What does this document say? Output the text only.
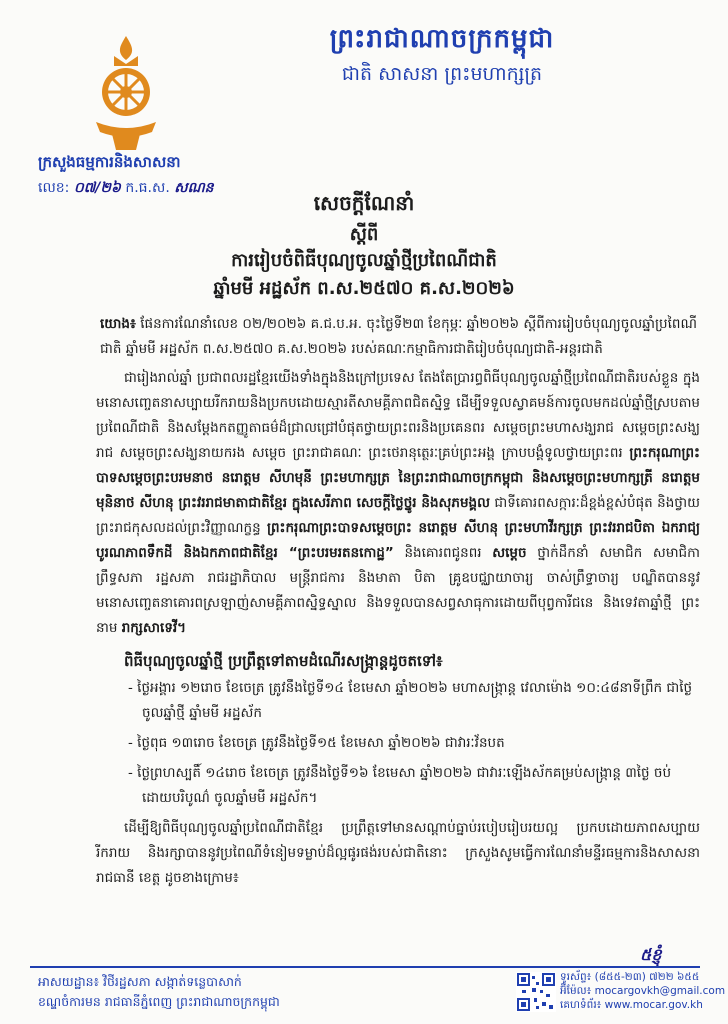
ព្រះរាជាណាចក្រកម្ពុជា
ជាតិ សាសនា ព្រះមហាក្សត្រ
ក្រសួងធម្មការនិងសាសនា
លេខ: ០៧/២៦ ក.ធ.ស. សណន
សេចក្តីណែនាំ
ស្តីពី
ការរៀបចំពិធីបុណ្យចូលឆ្នាំថ្មីប្រពៃណីជាតិ
ឆ្នាំមមី អដ្ឋស័ក ព.ស.២៥៧០ គ.ស.២០២៦

យោង៖ ផែនការណែនាំលេខ ០២/២០២៦ គ.ជ.ប.អ. ចុះថ្ងៃទី២៣ ខែកុម្ភៈ ឆ្នាំ២០២៦ ស្តីពីការរៀបចំបុណ្យចូលឆ្នាំប្រពៃណីជាតិ ឆ្នាំមមី អដ្ឋស័ក ព.ស.២៥៧០ គ.ស.២០២៦ របស់គណៈកម្មាធិការជាតិរៀបចំបុណ្យជាតិ-អន្តរជាតិ

ជារៀងរាល់ឆ្នាំ ប្រជាពលរដ្ឋខ្មែរយើងទាំងក្នុងនិងក្រៅប្រទេស តែងតែប្រារព្ធពិធីបុណ្យចូលឆ្នាំថ្មីប្រពៃណីជាតិរបស់ខ្លួន ក្នុងមនោសញ្ចេតនាសប្បាយរីករាយនិងប្រកបដោយស្មារតីសាមគ្គីភាពជិតស្និទ្ធ ដើម្បីទទួលស្វាគមន៍ការចូលមកដល់ឆ្នាំថ្មីស្របតាមប្រពៃណីជាតិ និងសម្តែងកតញ្ញូតាធម៌ដ៏ជ្រាលជ្រៅបំផុតថ្វាយព្រះពរនិងប្រគេនពរ សម្តេចព្រះមហាសង្ឃរាជ សម្តេចព្រះសង្ឃរាជ សម្តេចព្រះសង្ឃនាយករង សម្តេច ព្រះរាជាគណៈ ព្រះថេរានុត្ថេរៈគ្រប់ព្រះអង្គ ក្រាបបង្គំទូលថ្វាយព្រះពរ ព្រះករុណាព្រះបាទសម្តេចព្រះបរមនាថ នរោត្តម សីហមុនី ព្រះមហាក្សត្រ នៃព្រះរាជាណាចក្រកម្ពុជា និងសម្តេចព្រះមហាក្សត្រី នរោត្តម មុនិនាថ សីហនុ ព្រះវររាជមាតាជាតិខ្មែរ ក្នុងសេរីភាព សេចក្តីថ្លៃថ្នូរ និងសុភមង្គល ជាទីគោរពសក្ការៈដ៏ខ្ពង់ខ្ពស់បំផុត និងថ្វាយព្រះរាជកុសលដល់ព្រះវិញ្ញាណក្ខន្ធ ព្រះករុណាព្រះបាទសម្តេចព្រះ នរោត្តម សីហនុ ព្រះមហាវីរក្សត្រ ព្រះវររាជបិតា ឯករាជ្យ បូរណភាពទឹកដី និងឯកភាពជាតិខ្មែរ “ព្រះបរមរតនកោដ្ឋ” និងគោរពជូនពរ សម្តេច ថ្នាក់ដឹកនាំ សមាជិក សមាជិកាព្រឹទ្ធសភា រដ្ឋសភា រាជរដ្ឋាភិបាល មន្ត្រីរាជការ និងមាតា បិតា គ្រូឧបជ្ឈាយាចារ្យ ចាស់ព្រឹទ្ធាចារ្យ បណ្ឌិតបាននូវមនោសញ្ចេតនាគោរពស្រឡាញ់សាមគ្គីភាពស្និទ្ធស្នាល និងទទួលបានសព្វសាធុការដោយពីបុព្វការីជនេ និងទេវតាឆ្នាំថ្មី ព្រះនាម រាក្សសាទេវី។

ពិធីបុណ្យចូលឆ្នាំថ្មី ប្រព្រឹត្តទៅតាមដំណើរសង្ក្រាន្តដូចតទៅ៖

- ថ្ងៃអង្គារ ១២រោច ខែចេត្រ ត្រូវនឹងថ្ងៃទី១៤ ខែមេសា ឆ្នាំ២០២៦ មហាសង្ក្រាន្ត វេលាម៉ោង ១០:៤៨នាទីព្រឹក ជាថ្ងៃចូលឆ្នាំថ្មី ឆ្នាំមមី អដ្ឋស័ក
- ថ្ងៃពុធ ១៣រោច ខែចេត្រ ត្រូវនឹងថ្ងៃទី១៥ ខែមេសា ឆ្នាំ២០២៦ ជាវារៈវ័នបត
- ថ្ងៃព្រហស្បតិ៍ ១៤រោច ខែចេត្រ ត្រូវនឹងថ្ងៃទី១៦ ខែមេសា ឆ្នាំ២០២៦ ជាវារៈឡើងស័កគម្រប់សង្ក្រាន្ត ៣ថ្ងៃ ចប់ដោយបរិបូណ៌ ចូលឆ្នាំមមី អដ្ឋស័ក។

ដើម្បីឱ្យពិធីបុណ្យចូលឆ្នាំប្រពៃណីជាតិខ្មែរ ប្រព្រឹត្តទៅមានសណ្តាប់ធ្នាប់របៀបរៀបរយល្អ ប្រកបដោយភាពសប្បាយរីករាយ និងរក្សាបាននូវប្រពៃណីទំនៀមទម្លាប់ដ៏ល្អផូរផង់របស់ជាតិនោះ ក្រសួងសូមធ្វើការណែនាំមន្ទីរធម្មការនិងសាសនារាជធានី ខេត្ត ដូចខាងក្រោម៖

៥ខ្ញុំ
អាសយដ្ឋាន៖ វិថីរដ្ឋសភា សង្កាត់ទន្លេបាសាក់
ខណ្ឌចំការមន រាជធានីភ្នំពេញ ព្រះរាជាណាចក្រកម្ពុជា
ទូរស័ព្ទ៖ (៨៥៥-២៣) ៧២២ ៦៥៥
អ៊ីម៉ែល៖ mocargovkh@gmail.com
គេហទំព័រ៖ www.mocar.gov.kh
